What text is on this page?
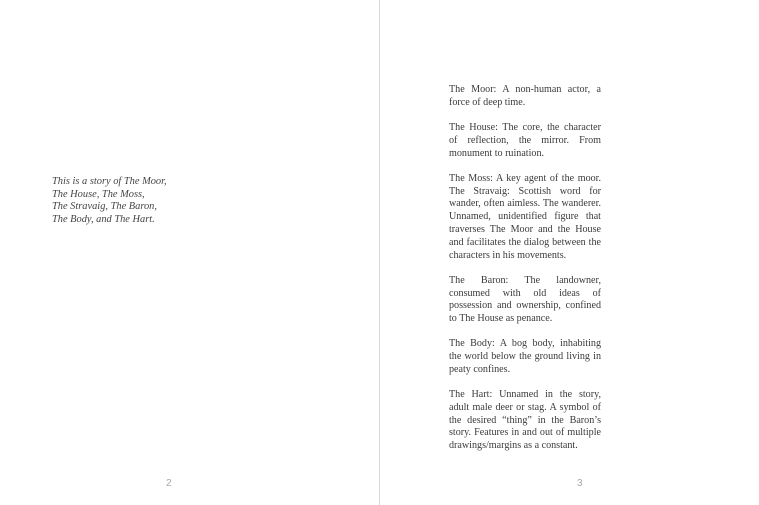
This is a story of The Moor,
The House, The Moss,
The Stravaig, The Baron,
The Body, and The Hart.
2

The Moor: A non-human actor, a force of deep time.

The House: The core, the character of reflection, the mirror. From monument to ruination.

The Moss: A key agent of the moor. The Stravaig: Scottish word for wander, often aimless. The wanderer. Unnamed, unidentified figure that traverses The Moor and the House and facilitates the dialog between the characters in his movements.

The Baron: The landowner, consumed with old ideas of possession and ownership, confined to The House as penance.

The Body: A bog body, inhabiting the world below the ground living in peaty confines.

The Hart: Unnamed in the story, adult male deer or stag. A symbol of the desired “thing” in the Baron’s story. Features in and out of multiple drawings/margins as a constant.

3
